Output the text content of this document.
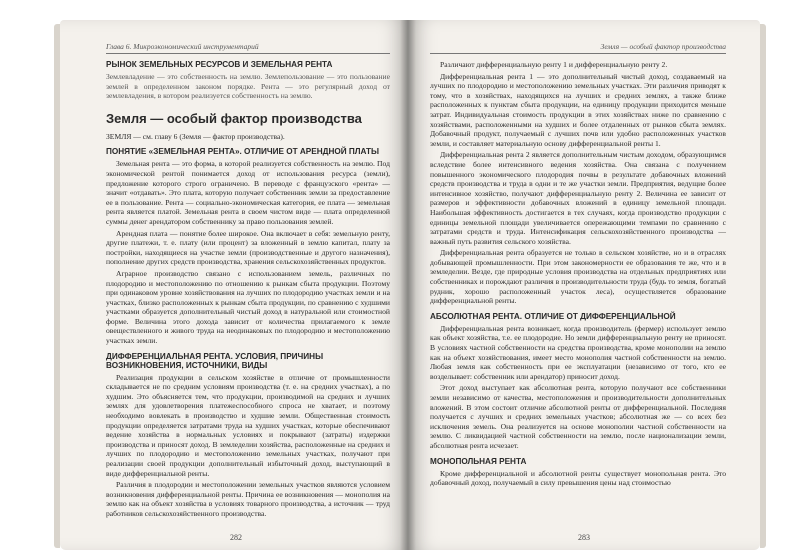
Глава 6. Микроэкономический инструментарий
РЫНОК ЗЕМЕЛЬНЫХ РЕСУРСОВ И ЗЕМЕЛЬНАЯ РЕНТА

Землевладение — это собственность на землю. Землепользование — это пользование землей в определенном законом порядке. Рента — это регулярный доход от землевладения, в котором реализуется собственность на землю.

Земля — особый фактор производства

ЗЕМЛЯ — см. главу 6 (Земля — фактор производства).

ПОНЯТИЕ «ЗЕМЕЛЬНАЯ РЕНТА». ОТЛИЧИЕ ОТ АРЕНДНОЙ ПЛАТЫ

Земельная рента — это форма, в которой реализуется собственность на землю. Под экономической рентой понимается доход от использования ресурса (земли), предложение которого строго ограничено. В переводе с французского «рента» — значит «отдавать». Это плата, которую получает собственник земли за предоставление ее в пользование. Рента — социально-экономическая категория, ее плата — земельная рента является платой. Земельная рента в своем чистом виде — плата определенной суммы денег арендатором собственнику за право пользования землей.

Арендная плата — понятие более широкое. Она включает в себя: земельную ренту, другие платежи, т. е. плату (или процент) за вложенный в землю капитал, плату за постройки, находящиеся на участке земли (производственные и другого назначения), пополнение других средств производства, хранения сельскохозяйственных продуктов.

Аграрное производство связано с использованием земель, различных по плодородию и местоположению по отношению к рынкам сбыта продукции. Поэтому при одинаковом уровне хозяйствования на лучших по плодородию участках земли и на участках, близко расположенных к рынкам сбыта продукции, по сравнению с худшими участками образуется дополнительный чистый доход в натуральной или стоимостной форме. Величина этого дохода зависит от количества прилагаемого к земле овеществленного и живого труда на неодинаковых по плодородию и местоположению участках земли.

ДИФФЕРЕНЦИАЛЬНАЯ РЕНТА. УСЛОВИЯ, ПРИЧИНЫ ВОЗНИКНОВЕНИЯ, ИСТОЧНИКИ, ВИДЫ

Реализация продукции в сельском хозяйстве в отличие от промышленности складывается не по средним условиям производства (т. е. на средних участках), а по худшим. Это объясняется тем, что продукции, производимой на средних и лучших землях для удовлетворения платежеспособного спроса не хватает, и поэтому необходимо вовлекать в производство и худшие земли. Общественная стоимость продукции определяется затратами труда на худших участках, которые обеспечивают ведение хозяйства в нормальных условиях и покрывают (затраты) издержки производства и приносят доход. В земледелии хозяйства, расположенные на средних и лучших по плодородию и местоположению земельных участках, получают при реализации своей продукции дополнительный избыточный доход, выступающий в виде дифференциальной ренты.

Различия в плодородии и местоположении земельных участков являются условием возникновения дифференциальной ренты. Причина ее возникновения — монополия на землю как на объект хозяйства в условиях товарного производства, а источник — труд работников сельскохозяйственного производства.

282
Земля — особый фактор производства

Различают дифференциальную ренту 1 и дифференциальную ренту 2.

Дифференциальная рента 1 — это дополнительный чистый доход, создаваемый на лучших по плодородию и местоположению земельных участках. Эти различия приводят к тому, что в хозяйствах, находящихся на лучших и средних землях, а также ближе расположенных к пунктам сбыта продукции, на единицу продукции приходится меньше затрат. Индивидуальная стоимость продукции в этих хозяйствах ниже по сравнению с хозяйствами, расположенными на худших и более отдаленных от рынков сбыта землях. Добавочный продукт, получаемый с лучших почв или удобно расположенных участков земли, и составляет материальную основу дифференциальной ренты 1.

Дифференциальная рента 2 является дополнительным чистым доходом, образующимся вследствие более интенсивного ведения хозяйства. Она связана с получением повышенного экономического плодородия почвы в результате добавочных вложений средств производства и труда в одни и те же участки земли. Предприятия, ведущие более интенсивное хозяйство, получают дифференциальную ренту 2. Величина ее зависит от размеров и эффективности добавочных вложений в единицу земельной площади. Наибольшая эффективность достигается в тех случаях, когда производство продукции с единицы земельной площади увеличивается опережающими темпами по сравнению с затратами средств и труда. Интенсификация сельскохозяйственного производства — важный путь развития сельского хозяйства.

Дифференциальная рента образуется не только в сельском хозяйстве, но и в отраслях добывающей промышленности. При этом закономерности ее образования те же, что и в земледелии. Везде, где природные условия производства на отдельных предприятиях или собственниках и порождают различия в производительности труда (будь то земля, богатый рудник, хорошо расположенный участок леса), осуществляется образование дифференциальной ренты.

АБСОЛЮТНАЯ РЕНТА. ОТЛИЧИЕ ОТ ДИФФЕРЕНЦИАЛЬНОЙ

Дифференциальная рента возникает, когда производитель (фермер) использует землю как объект хозяйства, т.е. ее плодородие. Но земли дифференциальную ренту не приносят. В условиях частной собственности на средства производства, кроме монополии на землю как на объект хозяйствования, имеет место монополия частной собственности на землю. Любая земля как собственность при ее эксплуатации (независимо от того, кто ее возделывает: собственник или арендатор) приносит доход.

Этот доход выступает как абсолютная рента, которую получают все собственники земли независимо от качества, местоположения и производительности дополнительных вложений. В этом состоит отличие абсолютной ренты от дифференциальной. Последняя получается с лучших и средних земельных участков; абсолютная же — со всех без исключения земель. Она реализуется на основе монополии частной собственности на землю. С ликвидацией частной собственности на землю, после национализации земли, абсолютная рента исчезает.

МОНОПОЛЬНАЯ РЕНТА

Кроме дифференциальной и абсолютной ренты существует монопольная рента. Это добавочный доход, получаемый в силу превышения цены над стоимостью

283
